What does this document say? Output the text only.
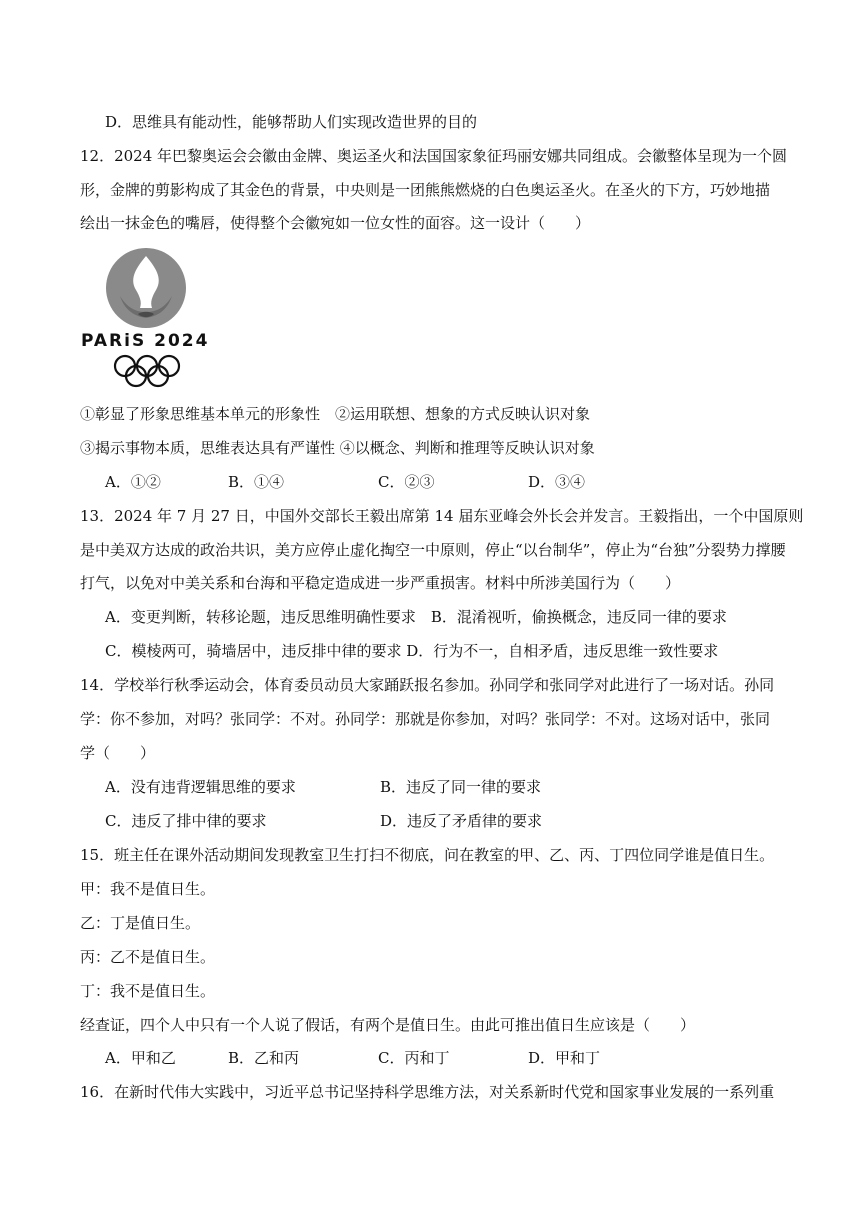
D．思维具有能动性，能够帮助人们实现改造世界的目的
12．2024 年巴黎奥运会会徽由金牌、奥运圣火和法国国家象征玛丽安娜共同组成。会徽整体呈现为一个圆
形，金牌的剪影构成了其金色的背景，中央则是一团熊熊燃烧的白色奥运圣火。在圣火的下方，巧妙地描
绘出一抹金色的嘴唇，使得整个会徽宛如一位女性的面容。这一设计（　　）
PARiS 2024
①彰显了形象思维基本单元的形象性　②运用联想、想象的方式反映认识对象
③揭示事物本质，思维表达具有严谨性 ④以概念、判断和推理等反映认识对象
A．①②	B．①④	C．②③	D．③④
13．2024 年 7 月 27 日，中国外交部长王毅出席第 14 届东亚峰会外长会并发言。王毅指出，一个中国原则
是中美双方达成的政治共识，美方应停止虚化掏空一中原则，停止“以台制华”，停止为“台独”分裂势力撑腰
打气，以免对中美关系和台海和平稳定造成进一步严重损害。材料中所涉美国行为（　　）
A．变更判断，转移论题，违反思维明确性要求　B．混淆视听，偷换概念，违反同一律的要求
C．模棱两可，骑墙居中，违反排中律的要求 D．行为不一，自相矛盾，违反思维一致性要求
14．学校举行秋季运动会，体育委员动员大家踊跃报名参加。孙同学和张同学对此进行了一场对话。孙同
学：你不参加，对吗？张同学：不对。孙同学：那就是你参加，对吗？张同学：不对。这场对话中，张同
学（　　）
A．没有违背逻辑思维的要求	B．违反了同一律的要求
C．违反了排中律的要求	D．违反了矛盾律的要求
15．班主任在课外活动期间发现教室卫生打扫不彻底，问在教室的甲、乙、丙、丁四位同学谁是值日生。
甲：我不是值日生。
乙：丁是值日生。
丙：乙不是值日生。
丁：我不是值日生。
经查证，四个人中只有一个人说了假话，有两个是值日生。由此可推出值日生应该是（　　）
A．甲和乙	B．乙和丙	C．丙和丁	D．甲和丁
16．在新时代伟大实践中，习近平总书记坚持科学思维方法，对关系新时代党和国家事业发展的一系列重
